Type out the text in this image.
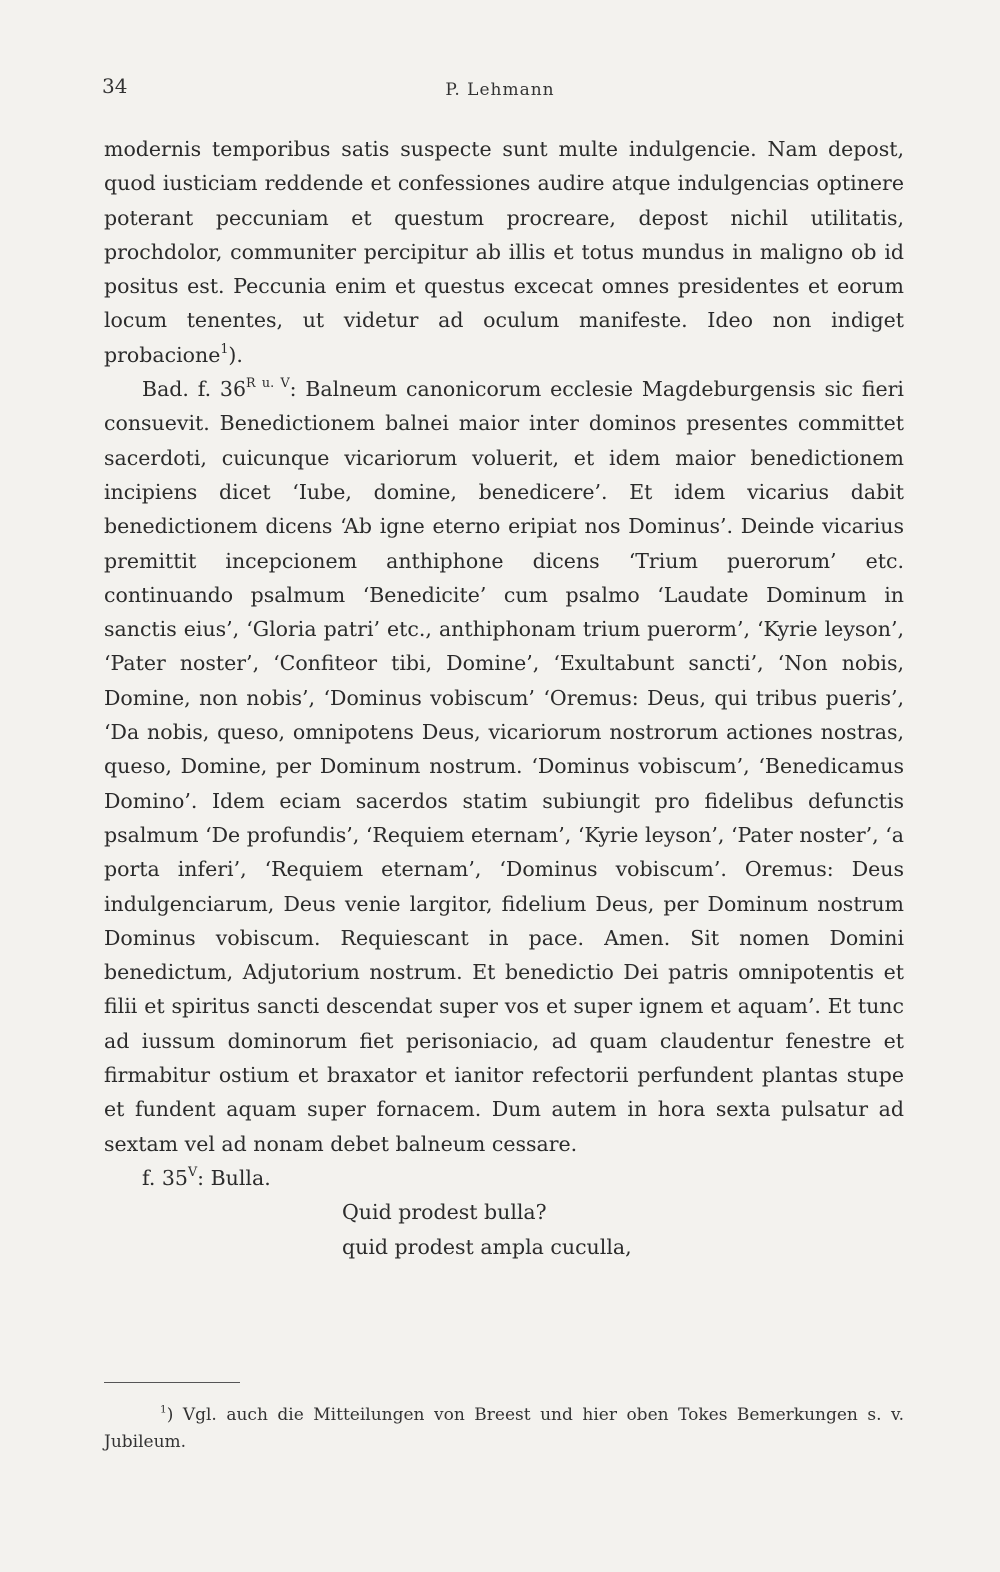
34	P. Lehmann

modernis temporibus satis suspecte sunt multe indulgencie. Nam depost, quod iusticiam reddende et confessiones audire atque indulgencias optinere poterant peccuniam et questum procreare, depost nichil utilitatis, prochdolor, communiter percipitur ab illis et totus mundus in maligno ob id positus est. Peccunia enim et questus excecat omnes presidentes et eorum locum tenentes, ut videtur ad oculum manifeste. Ideo non indiget probacione$^1$).

Bad. f. $36^{R u. V}$: Balneum canonicorum ecclesie Magdeburgensis sic fieri consuevit. Benedictionem balnei maior inter dominos presentes committet sacerdoti, cuicunque vicariorum voluerit, et idem maior benedictionem incipiens dicet ‘Iube, domine, benedicere’. Et idem vicarius dabit benedictionem dicens ‘Ab igne eterno eripiat nos Dominus’. Deinde vicarius premittit incepcionem anthiphone dicens ‘Trium puerorum’ etc. continuando psalmum ‘Benedicite’ cum psalmo ‘Laudate Dominum in sanctis eius’, ‘Gloria patri’ etc., anthiphonam trium puerorm’, ‘Kyrie leyson’, ‘Pater noster’, ‘Confiteor tibi, Domine’, ‘Exultabunt sancti’, ‘Non nobis, Domine, non nobis’, ‘Dominus vobiscum’ ‘Oremus: Deus, qui tribus pueris’, ‘Da nobis, queso, omnipotens Deus, vicariorum nostrorum actiones nostras, queso, Domine, per Dominum nostrum. ‘Dominus vobiscum’, ‘Benedicamus Domino’. Idem eciam sacerdos statim subiungit pro fidelibus defunctis psalmum ‘De profundis’, ‘Requiem eternam’, ‘Kyrie leyson’, ‘Pater noster’, ‘a porta inferi’, ‘Requiem eternam’, ‘Dominus vobiscum’. Oremus: Deus indulgenciarum, Deus venie largitor, fidelium Deus, per Dominum nostrum Dominus vobiscum. Requiescant in pace. Amen. Sit nomen Domini benedictum, Adjutorium nostrum. Et benedictio Dei patris omnipotentis et filii et spiritus sancti descendat super vos et super ignem et aquam’. Et tunc ad iussum dominorum fiet perisoniacio, ad quam claudentur fenestre et firmabitur ostium et braxator et ianitor refectorii perfundent plantas stupe et fundent aquam super fornacem. Dum autem in hora sexta pulsatur ad sextam vel ad nonam debet balneum cessare.

f. $35^V$: Bulla.

Quid prodest bulla?

quid prodest ampla cuculla,

$^1$) Vgl. auch die Mitteilungen von Breest und hier oben Tokes Bemerkungen s. v. Jubileum.
